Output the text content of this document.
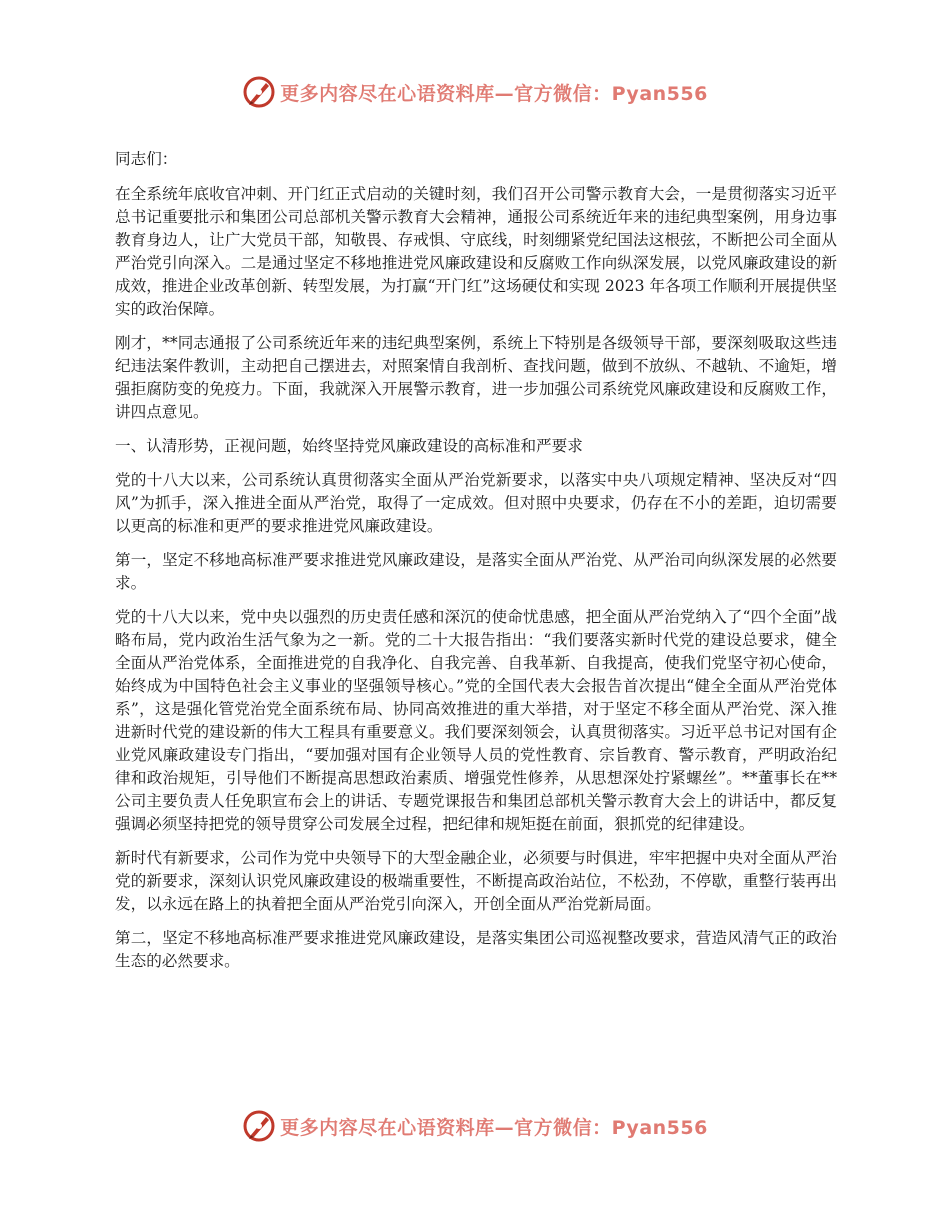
更多内容尽在心语资料库—官方微信：Pyan556

同志们：

在全系统年底收官冲刺、开门红正式启动的关键时刻，我们召开公司警示教育大会，一是贯彻落实习近平总书记重要批示和集团公司总部机关警示教育大会精神，通报公司系统近年来的违纪典型案例，用身边事教育身边人，让广大党员干部，知敬畏、存戒惧、守底线，时刻绷紧党纪国法这根弦，不断把公司全面从严治党引向深入。二是通过坚定不移地推进党风廉政建设和反腐败工作向纵深发展，以党风廉政建设的新成效，推进企业改革创新、转型发展，为打赢“开门红”这场硬仗和实现 2023 年各项工作顺利开展提供坚实的政治保障。

刚才，**同志通报了公司系统近年来的违纪典型案例，系统上下特别是各级领导干部，要深刻吸取这些违纪违法案件教训，主动把自己摆进去，对照案情自我剖析、查找问题，做到不放纵、不越轨、不逾矩，增强拒腐防变的免疫力。下面，我就深入开展警示教育，进一步加强公司系统党风廉政建设和反腐败工作，讲四点意见。

一、认清形势，正视问题，始终坚持党风廉政建设的高标准和严要求

党的十八大以来，公司系统认真贯彻落实全面从严治党新要求，以落实中央八项规定精神、坚决反对“四风”为抓手，深入推进全面从严治党，取得了一定成效。但对照中央要求，仍存在不小的差距，迫切需要以更高的标准和更严的要求推进党风廉政建设。

第一，坚定不移地高标准严要求推进党风廉政建设，是落实全面从严治党、从严治司向纵深发展的必然要求。

党的十八大以来，党中央以强烈的历史责任感和深沉的使命忧患感，把全面从严治党纳入了“四个全面”战略布局，党内政治生活气象为之一新。党的二十大报告指出：“我们要落实新时代党的建设总要求，健全全面从严治党体系，全面推进党的自我净化、自我完善、自我革新、自我提高，使我们党坚守初心使命，始终成为中国特色社会主义事业的坚强领导核心。”党的全国代表大会报告首次提出“健全全面从严治党体系”，这是强化管党治党全面系统布局、协同高效推进的重大举措，对于坚定不移全面从严治党、深入推进新时代党的建设新的伟大工程具有重要意义。我们要深刻领会，认真贯彻落实。习近平总书记对国有企业党风廉政建设专门指出，“要加强对国有企业领导人员的党性教育、宗旨教育、警示教育，严明政治纪律和政治规矩，引导他们不断提高思想政治素质、增强党性修养，从思想深处拧紧螺丝”。**董事长在**公司主要负责人任免职宣布会上的讲话、专题党课报告和集团总部机关警示教育大会上的讲话中，都反复强调必须坚持把党的领导贯穿公司发展全过程，把纪律和规矩挺在前面，狠抓党的纪律建设。

新时代有新要求，公司作为党中央领导下的大型金融企业，必须要与时俱进，牢牢把握中央对全面从严治党的新要求，深刻认识党风廉政建设的极端重要性，不断提高政治站位，不松劲，不停歇，重整行装再出发，以永远在路上的执着把全面从严治党引向深入，开创全面从严治党新局面。

第二，坚定不移地高标准严要求推进党风廉政建设，是落实集团公司巡视整改要求，营造风清气正的政治生态的必然要求。

更多内容尽在心语资料库—官方微信：Pyan556
